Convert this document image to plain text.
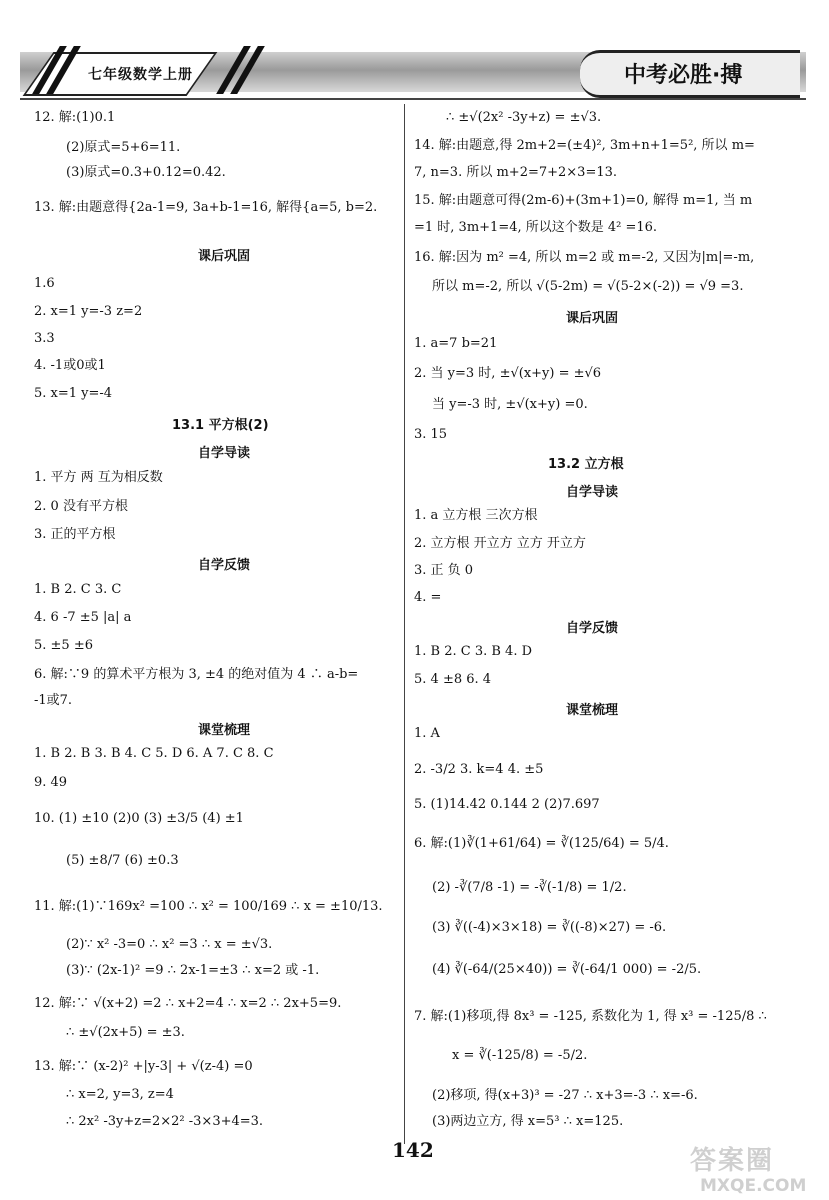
七年级数学上册	中考必胜·搏
12. 解:(1)0.1
(2)原式=5+6=11.
(3)原式=0.3+0.12=0.42.
13. 解:由题意得{2a-1=9, 3a+b-1=16, 解得{a=5, b=2.
课后巩固
1.6
2. x=1 y=-3 z=2
3.3
4. -1或0或1
5. x=1 y=-4
13.1 平方根(2)
自学导读
1. 平方 两 互为相反数
2. 0 没有平方根
3. 正的平方根
自学反馈
1. B 2. C 3. C
4. 6 -7 ±5 |a| a
5. ±5 ±6
6. 解:∵9 的算术平方根为 3, ±4 的绝对值为 4 ∴ a-b=
-1或7.
课堂梳理
1. B 2. B 3. B 4. C 5. D 6. A 7. C 8. C
9. 49
10. (1) ±10 (2)0 (3) ±3/5 (4) ±1
(5) ±8/7 (6) ±0.3
11. 解:(1)∵169x² =100 ∴ x² = 100/169 ∴ x = ±10/13.
(2)∵ x² -3=0 ∴ x² =3 ∴ x = ±√3.
(3)∵ (2x-1)² =9 ∴ 2x-1=±3 ∴ x=2 或 -1.
12. 解:∵ √(x+2) =2 ∴ x+2=4 ∴ x=2 ∴ 2x+5=9.
∴ ±√(2x+5) = ±3.
13. 解:∵ (x-2)² +|y-3| + √(z-4) =0
∴ x=2, y=3, z=4
∴ 2x² -3y+z=2×2² -3×3+4=3.
∴ ±√(2x² -3y+z) = ±√3.
14. 解:由题意,得 2m+2=(±4)², 3m+n+1=5², 所以 m=
7, n=3. 所以 m+2=7+2×3=13.
15. 解:由题意可得(2m-6)+(3m+1)=0, 解得 m=1, 当 m
=1 时, 3m+1=4, 所以这个数是 4² =16.
16. 解:因为 m² =4, 所以 m=2 或 m=-2, 又因为|m|=-m,
所以 m=-2, 所以 √(5-2m) = √(5-2×(-2)) = √9 =3.
课后巩固
1. a=7 b=21
2. 当 y=3 时, ±√(x+y) = ±√6
当 y=-3 时, ±√(x+y) =0.
3. 15
13.2 立方根
自学导读
1. a 立方根 三次方根
2. 立方根 开立方 立方 开立方
3. 正 负 0
4. =
自学反馈
1. B 2. C 3. B 4. D
5. 4 ±8 6. 4
课堂梳理
1. A
2. -3/2 3. k=4 4. ±5
5. (1)14.42 0.144 2 (2)7.697
6. 解:(1)∛(1+61/64) = ∛(125/64) = 5/4.
(2) -∛(7/8 -1) = -∛(-1/8) = 1/2.
(3) ∛((-4)×3×18) = ∛((-8)×27) = -6.
(4) ∛(-64/(25×40)) = ∛(-64/1 000) = -2/5.
7. 解:(1)移项,得 8x³ = -125, 系数化为 1, 得 x³ = -125/8 ∴
x = ∛(-125/8) = -5/2.
(2)移项, 得(x+3)³ = -27 ∴ x+3=-3 ∴ x=-6.
(3)两边立方, 得 x=5³ ∴ x=125.
142	答案圈
MXQE.COM
